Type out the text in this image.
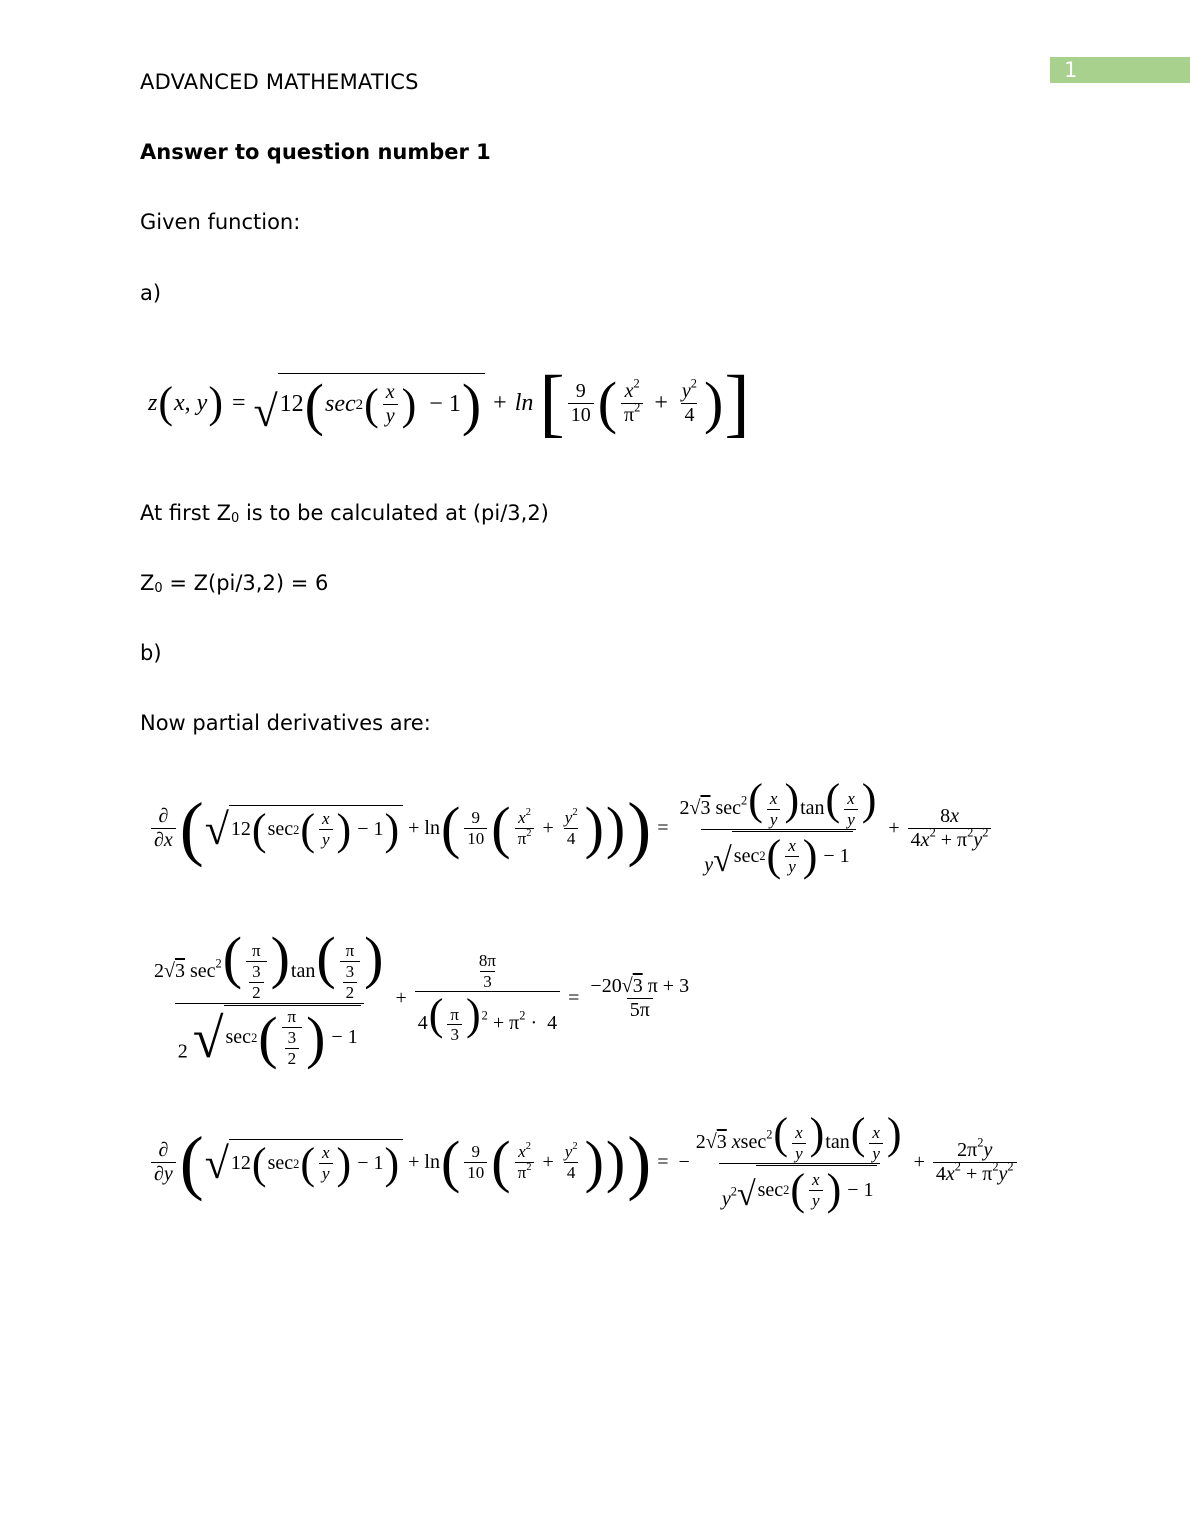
1
ADVANCED MATHEMATICS
Answer to question number 1
Given function:
a)
z ( x , y ) = √ 12 ( sec 2 ( $\frac{x}{y}$ ) − 1 ) + ln
[ $\frac{9}{10}$ ( $\frac{x^2}{\pi^2} + \frac{y^2}{4}$ ) ]
At first Z0 is to be calculated at (pi/3,2)
Z0 = Z(pi/3,2) = 6
b)
Now partial derivatives are:
$\frac{\partial}{\partial x}$ ( √ 12 ( sec 2 ( $\frac{x}{y}$ ) − 1 ) + ln ( $\frac{9}{10}$ ( $\frac{x^2}{\pi^2} + \frac{y^2}{4}$ ) ) ) = $\frac{2√3 \sec^2( \frac{x}{y} )\tan( \frac{x}{y} )}{y √ \sec 2 ( \frac{x}{y} ) - 1} + \frac{8x}{4x^2 + \pi^2y^2}$
$\frac{2√3 \sec^2( \frac{\pi}{\frac{3}{2}} )\tan( \frac{\pi}{\frac{3}{2}} )}{2 √ \sec 2 ( \frac{\pi}{\frac{3}{2}} ) - 1} + \frac{\frac{8\pi}{3}}{4( \frac{\pi}{3} )^2 + \pi^2 \cdot 4} = \frac{-20√3 \pi + 3}{5\pi}$
$\frac{\partial}{\partial y}$ ( √ 12 ( sec 2 ( $\frac{x}{y}$ ) − 1 ) + ln ( $\frac{9}{10}$ ( $\frac{x^2}{\pi^2} + \frac{y^2}{4}$ ) ) ) =  − $\frac{2√3 xsec^2( \frac{x}{y} )\tan( \frac{x}{y} )}{y^2 √ \sec 2 ( \frac{x}{y} ) - 1} + \frac{2\pi^2y}{4x^2 + \pi^2y^2}$
